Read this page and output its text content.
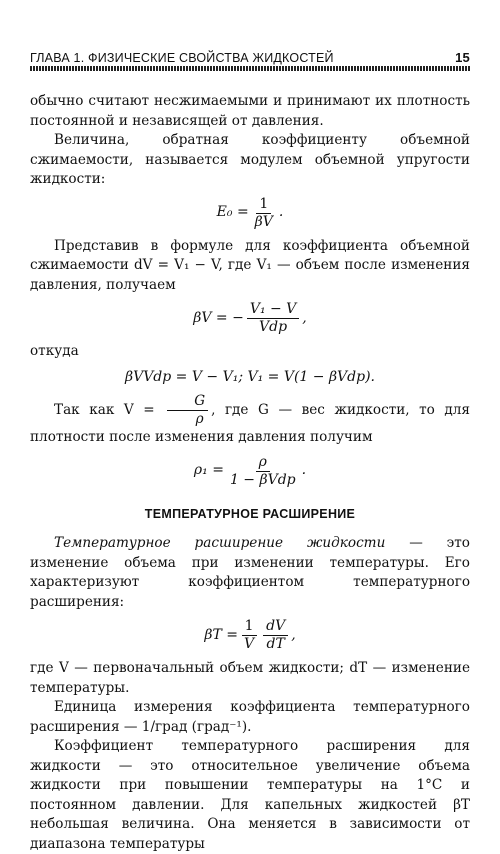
ГЛАВА 1. ФИЗИЧЕСКИЕ СВОЙСТВА ЖИДКОСТЕЙ	15

обычно считают несжимаемыми и принимают их плотность постоянной и независящей от давления.

Величина, обратная коэффициенту объемной сжимаемости, называется модулем объемной упругости жидкости:

$E_0 = \frac{1}{\beta V}$ .

Представив в формуле для коэффициента объемной сжимаемости dV = V₁ − V, где V₁ — объем после изменения давления, получаем

βV = − $\frac{\text{V₁ − V}}{\text{Vdp}}$ ,

откуда

βVVdp = V − V₁; V₁ = V(1 − βVdp).

Так как $V = \frac{G}{\rho}$ , где G — вес жидкости, то для плотности после изменения давления получим

$\rho_1 = \frac{\rho}{\text{1 − βVdp}}$ .
ТЕМПЕРАТУРНОЕ РАСШИРЕНИЕ

Температурное расширение жидкости — это изменение объема при изменении температуры. Его характеризуют коэффициентом температурного расширения:

$\beta T = \frac{1}{V} \frac{dV}{dT}$ ,

где V — первоначальный объем жидкости; dT — изменение температуры.

Единица измерения коэффициента температурного расширения — 1/град (град⁻¹).

Коэффициент температурного расширения для жидкости — это относительное увеличение объема жидкости при повышении температуры на 1°С и постоянном давлении. Для капельных жидкостей βT небольшая величина. Она меняется в зависимости от диапазона температуры
